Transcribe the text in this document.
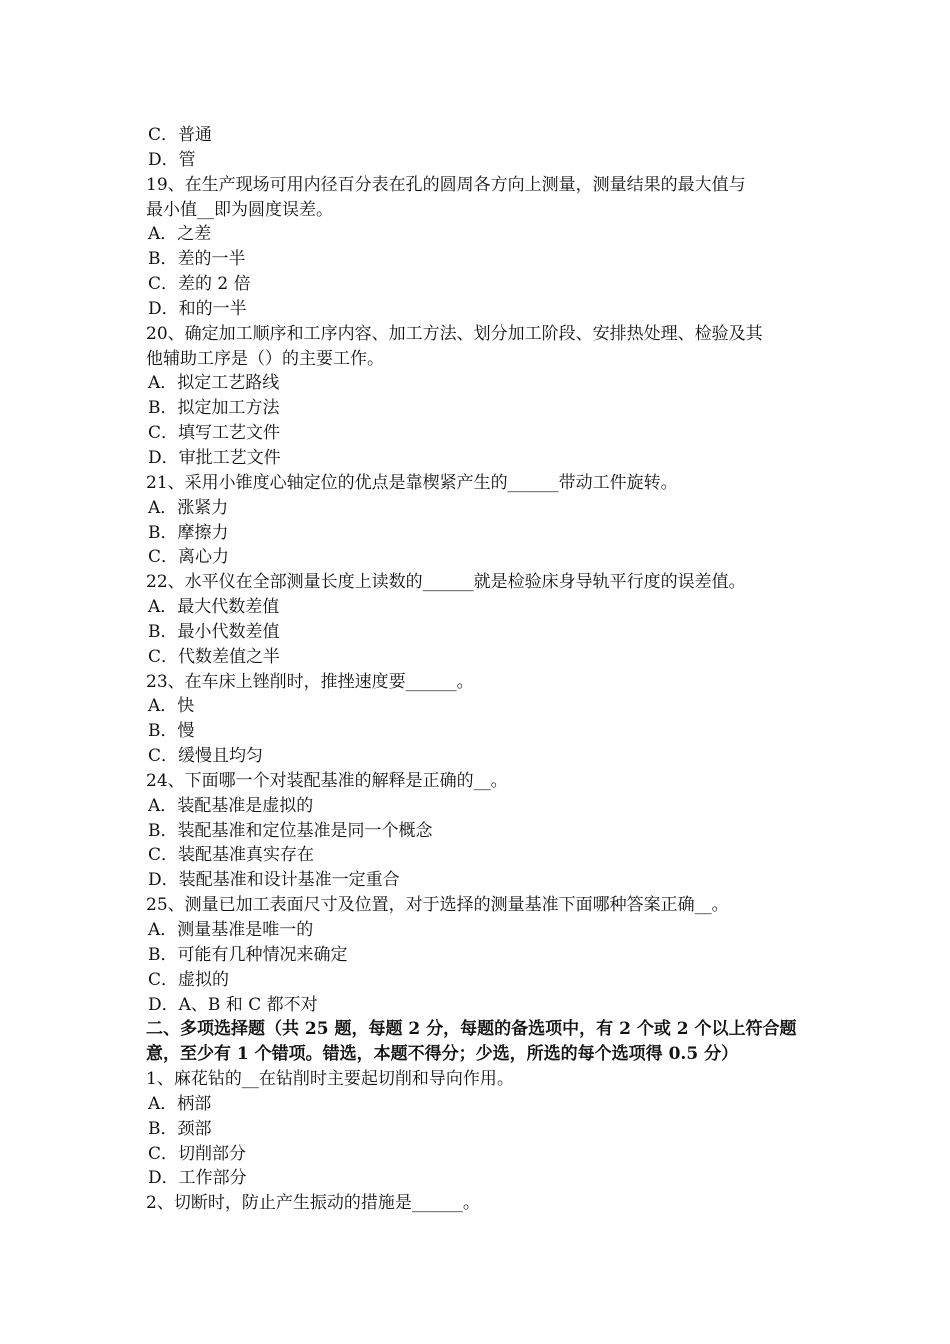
C．普通
D．管
19、在生产现场可用内径百分表在孔的圆周各方向上测量，测量结果的最大值与
最小值__即为圆度误差。
A．之差
B．差的一半
C．差的 2 倍
D．和的一半
20、确定加工顺序和工序内容、加工方法、划分加工阶段、安排热处理、检验及其
他辅助工序是（）的主要工作。
A．拟定工艺路线
B．拟定加工方法
C．填写工艺文件
D．审批工艺文件
21、采用小锥度心轴定位的优点是靠楔紧产生的______带动工件旋转。
A．涨紧力
B．摩擦力
C．离心力
22、水平仪在全部测量长度上读数的______就是检验床身导轨平行度的误差值。
A．最大代数差值
B．最小代数差值
C．代数差值之半
23、在车床上锉削时，推挫速度要______。
A．快
B．慢
C．缓慢且均匀
24、下面哪一个对装配基准的解释是正确的__。
A．装配基准是虚拟的
B．装配基准和定位基准是同一个概念
C．装配基准真实存在
D．装配基准和设计基准一定重合
25、测量已加工表面尺寸及位置，对于选择的测量基准下面哪种答案正确__。
A．测量基准是唯一的
B．可能有几种情况来确定
C．虚拟的
D．A、B 和 C 都不对
二、多项选择题（共 25 题，每题 2 分，每题的备选项中，有 2 个或 2 个以上符合题
意，至少有 1 个错项。错选，本题不得分；少选，所选的每个选项得 0.5 分）
1、麻花钻的__在钻削时主要起切削和导向作用。
A．柄部
B．颈部
C．切削部分
D．工作部分
2、切断时，防止产生振动的措施是______。
